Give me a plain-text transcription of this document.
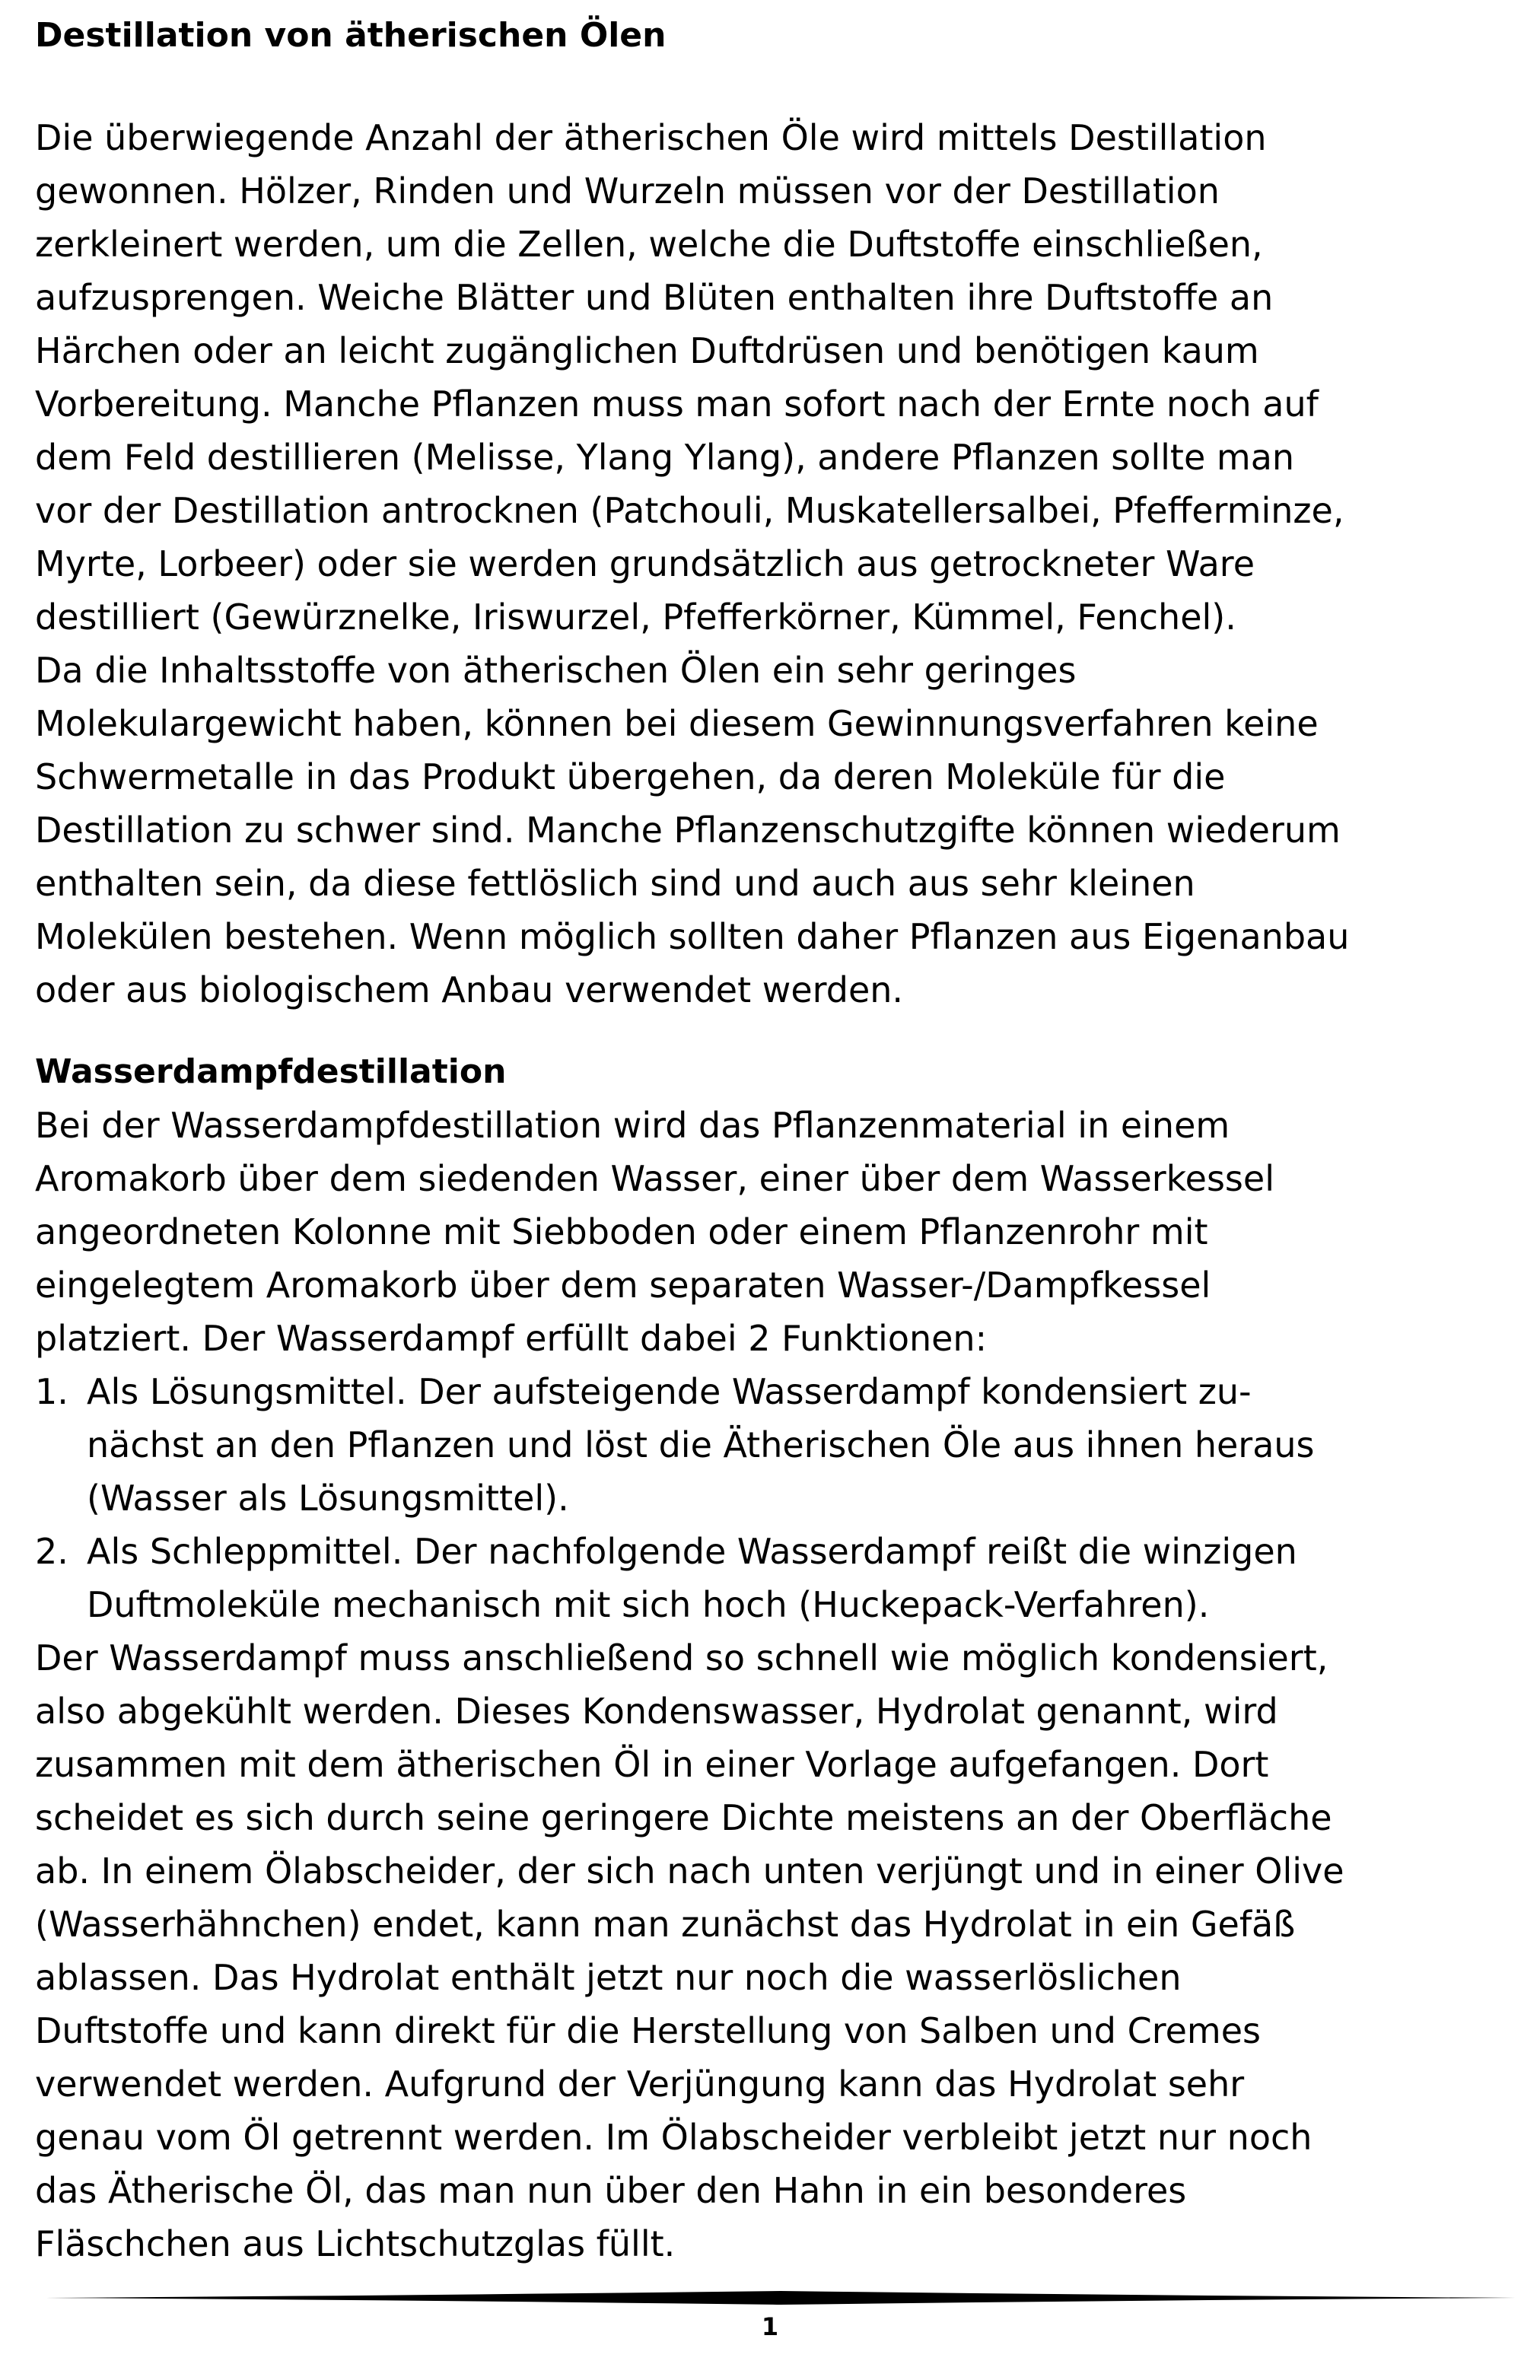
Destillation von ätherischen Ölen

Die überwiegende Anzahl der ätherischen Öle wird mittels Destillation
gewonnen. Hölzer, Rinden und Wurzeln müssen vor der Destillation
zerkleinert werden, um die Zellen, welche die Duftstoffe einschließen,
aufzusprengen. Weiche Blätter und Blüten enthalten ihre Duftstoffe an
Härchen oder an leicht zugänglichen Duftdrüsen und benötigen kaum
Vorbereitung. Manche Pflanzen muss man sofort nach der Ernte noch auf
dem Feld destillieren (Melisse, Ylang Ylang), andere Pflanzen sollte man
vor der Destillation antrocknen (Patchouli, Muskatellersalbei, Pfefferminze,
Myrte, Lorbeer) oder sie werden grundsätzlich aus getrockneter Ware
destilliert (Gewürznelke, Iriswurzel, Pfefferkörner, Kümmel, Fenchel).
Da die Inhaltsstoffe von ätherischen Ölen ein sehr geringes
Molekulargewicht haben, können bei diesem Gewinnungsverfahren keine
Schwermetalle in das Produkt übergehen, da deren Moleküle für die
Destillation zu schwer sind. Manche Pflanzenschutzgifte können wiederum
enthalten sein, da diese fettlöslich sind und auch aus sehr kleinen
Molekülen bestehen. Wenn möglich sollten daher Pflanzen aus Eigenanbau
oder aus biologischem Anbau verwendet werden.

Wasserdampfdestillation

Bei der Wasserdampfdestillation wird das Pflanzenmaterial in einem
Aromakorb über dem siedenden Wasser, einer über dem Wasserkessel
angeordneten Kolonne mit Siebboden oder einem Pflanzenrohr mit
eingelegtem Aromakorb über dem separaten Wasser-/Dampfkessel
platziert. Der Wasserdampf erfüllt dabei 2 Funktionen:

1. Als Lösungsmittel. Der aufsteigende Wasserdampf kondensiert zu-
nächst an den Pflanzen und löst die Ätherischen Öle aus ihnen heraus
(Wasser als Lösungsmittel).
2. Als Schleppmittel. Der nachfolgende Wasserdampf reißt die winzigen
Duftmoleküle mechanisch mit sich hoch (Huckepack-Verfahren).

Der Wasserdampf muss anschließend so schnell wie möglich kondensiert,
also abgekühlt werden. Dieses Kondenswasser, Hydrolat genannt, wird
zusammen mit dem ätherischen Öl in einer Vorlage aufgefangen. Dort
scheidet es sich durch seine geringere Dichte meistens an der Oberfläche
ab. In einem Ölabscheider, der sich nach unten verjüngt und in einer Olive
(Wasserhähnchen) endet, kann man zunächst das Hydrolat in ein Gefäß
ablassen. Das Hydrolat enthält jetzt nur noch die wasserlöslichen
Duftstoffe und kann direkt für die Herstellung von Salben und Cremes
verwendet werden. Aufgrund der Verjüngung kann das Hydrolat sehr
genau vom Öl getrennt werden. Im Ölabscheider verbleibt jetzt nur noch
das Ätherische Öl, das man nun über den Hahn in ein besonderes
Fläschchen aus Lichtschutzglas füllt.

1
